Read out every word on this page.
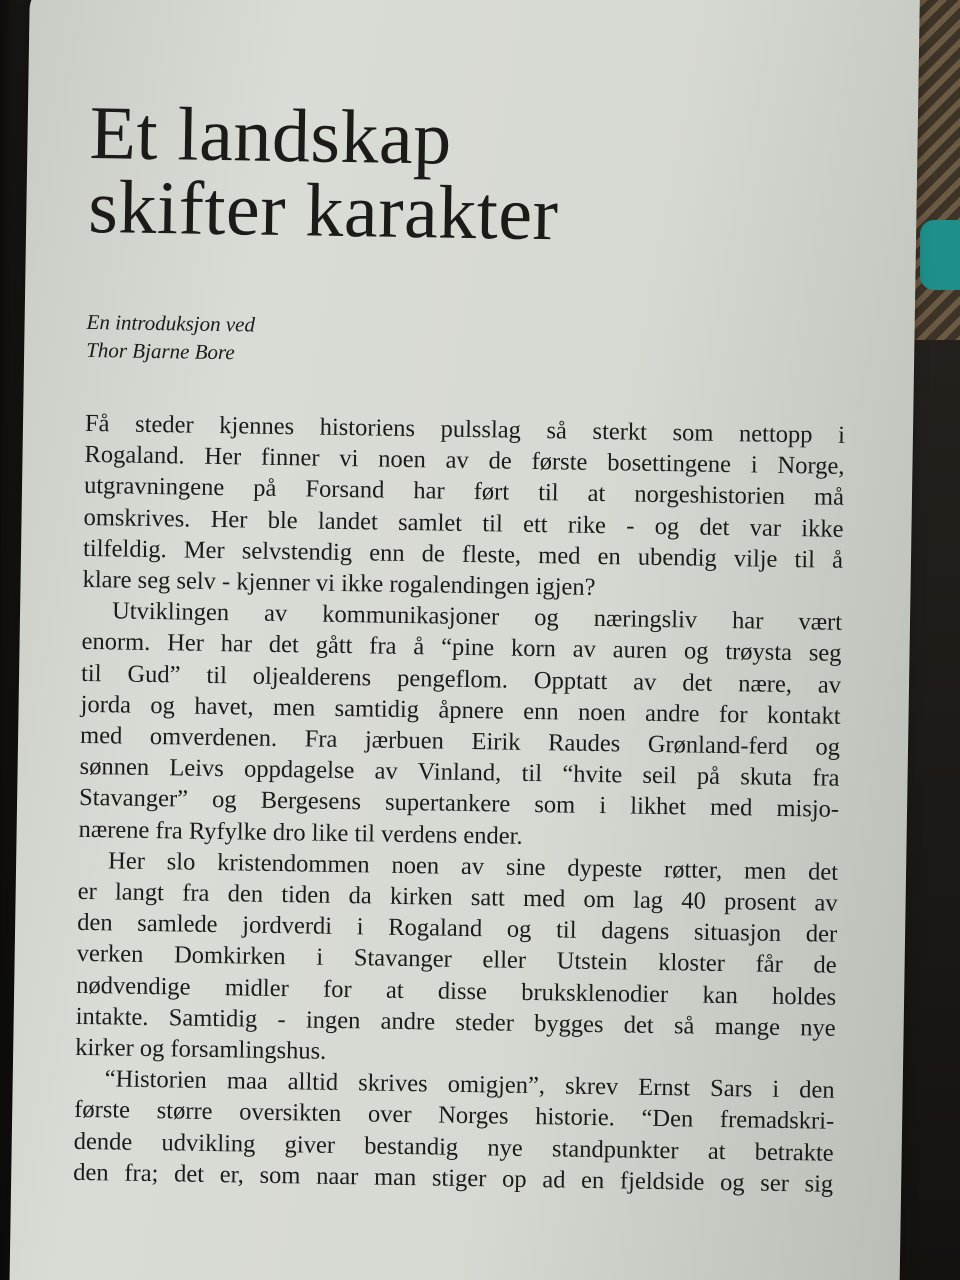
Et landskap
skifter karakter
En introduksjon ved
Thor Bjarne Bore

Få steder kjennes historiens pulsslag så sterkt som nettopp i
Rogaland. Her finner vi noen av de første bosettingene i Norge,
utgravningene på Forsand har ført til at norgeshistorien må
omskrives. Her ble landet samlet til ett rike - og det var ikke
tilfeldig. Mer selvstendig enn de fleste, med en ubendig vilje til å
klare seg selv - kjenner vi ikke rogalendingen igjen?

Utviklingen av kommunikasjoner og næringsliv har vært
enorm. Her har det gått fra å “pine korn av auren og trøysta seg
til Gud” til oljealderens pengeflom. Opptatt av det nære, av
jorda og havet, men samtidig åpnere enn noen andre for kontakt
med omverdenen. Fra jærbuen Eirik Raudes Grønland-ferd og
sønnen Leivs oppdagelse av Vinland, til “hvite seil på skuta fra
Stavanger” og Bergesens supertankere som i likhet med misjo-
nærene fra Ryfylke dro like til verdens ender.

Her slo kristendommen noen av sine dypeste røtter, men det
er langt fra den tiden da kirken satt med om lag 40 prosent av
den samlede jordverdi i Rogaland og til dagens situasjon der
verken Domkirken i Stavanger eller Utstein kloster får de
nødvendige midler for at disse bruksklenodier kan holdes
intakte. Samtidig - ingen andre steder bygges det så mange nye
kirker og forsamlingshus.

“Historien maa alltid skrives omigjen”, skrev Ernst Sars i den
første større oversikten over Norges historie. “Den fremadskri-
dende udvikling giver bestandig nye standpunkter at betrakte
den fra; det er, som naar man stiger op ad en fjeldside og ser sig
